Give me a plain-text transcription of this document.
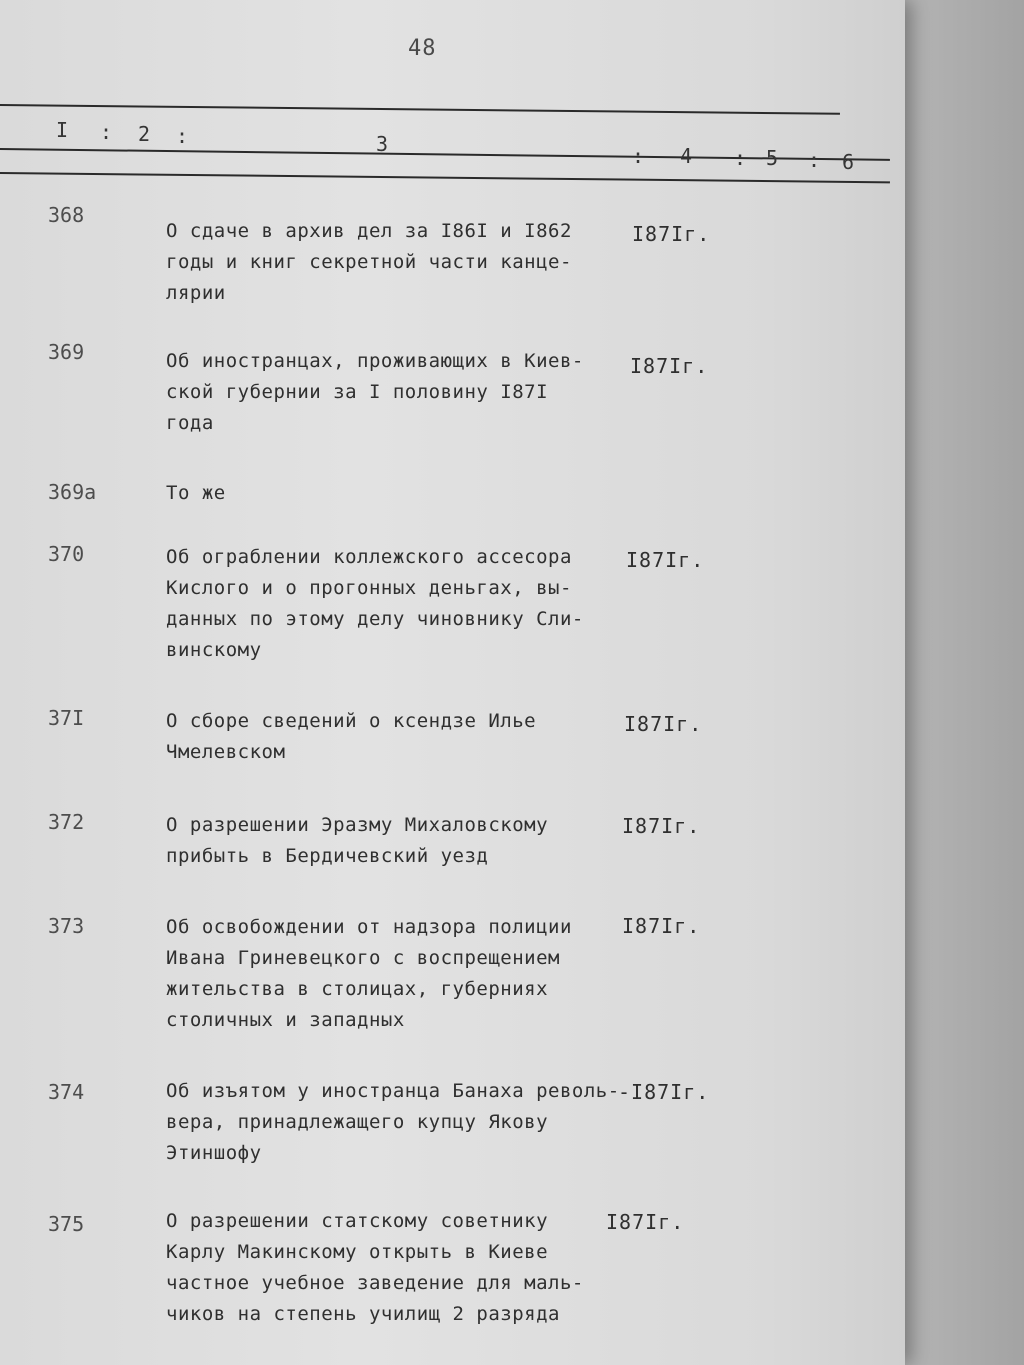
48
I : 2 :	3	: 4 : 5 : 6
368
О сдаче в архив дел за I86I и I862
годы и книг секретной части канце-
лярии
I87Iг.
369	Об иностранцах, проживающих в Киев-
ской губернии за I половину I87I
года
I87Iг.
369а	То же
370	Об ограблении коллежского ассесора
Кислого и о прогонных деньгах, вы-
данных по этому делу чиновнику Сли-
винскому
I87Iг.
37I	О сборе сведений о ксендзе Илье
Чмелевском
I87Iг.
372	О разрешении Эразму Михаловскому
прибыть в Бердичевский уезд
I87Iг.
373	Об освобождении от надзора полиции
Ивана Гриневецкого с воспрещением
жительства в столицах, губерниях
столичных и западных
I87Iг.
374	Об изъятом у иностранца Банаха револь-
вера, принадлежащего купцу Якову
Этиншофу
-I87Iг.
375	О разрешении статскому советнику
Карлу Макинскому открыть в Киеве
частное учебное заведение для маль-
чиков на степень училищ 2 разряда
I87Iг.
